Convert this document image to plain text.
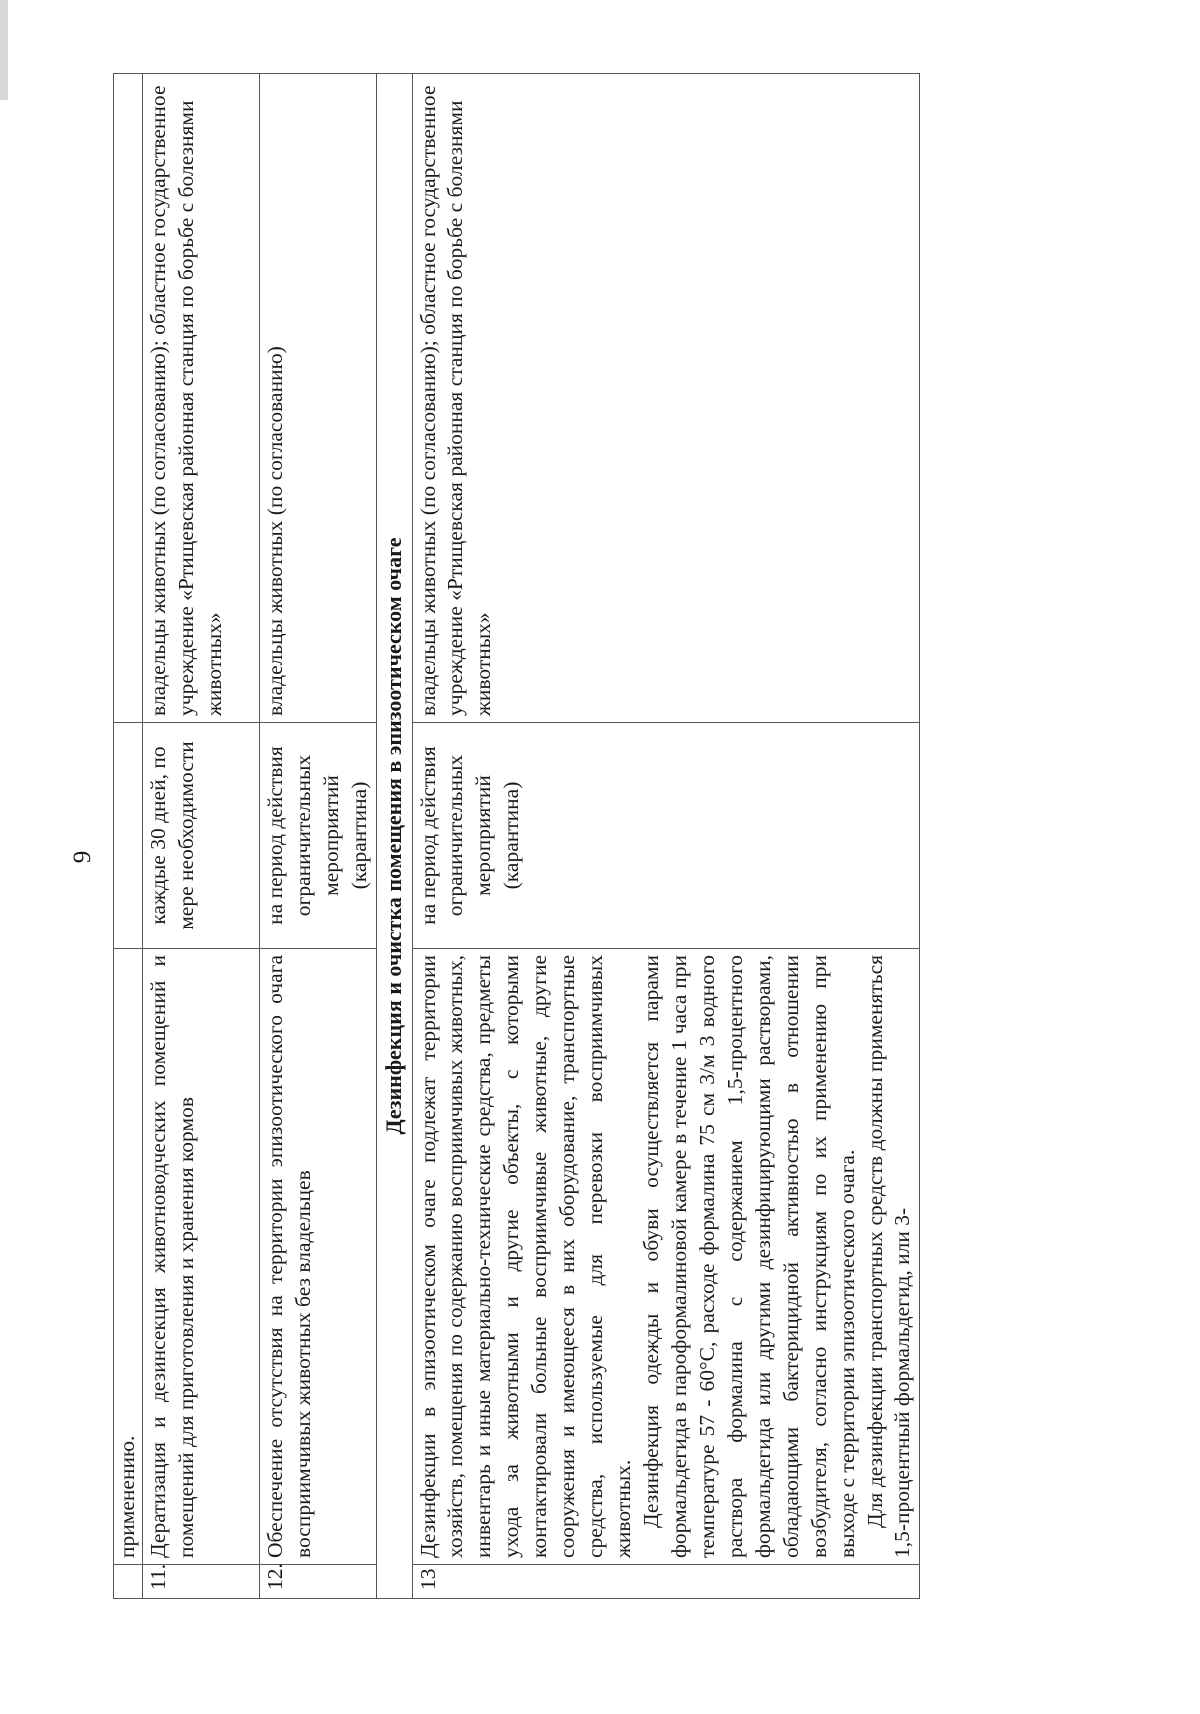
9
	применению.		
11.	Дератизация и дезинсекция животноводческих помещений и помещений для приготовления и хранения кормов	каждые 30 дней, по мере необходимости	владельцы животных (по согласованию); областное государственное учреждение «Ртищевская районная станция по борьбе с болезнями животных»
12.	Обеспечение отсутствия на территории эпизоотического очага восприимчивых животных без владельцев	на период действия ограничительных мероприятий (карантина)	владельцы животных (по согласованию)
Дезинфекция и очистка помещения в эпизоотическом очаге			
13	Дезинфекции в эпизоотическом очаге подлежат территории хозяйств, помещения по содержанию восприимчивых животных, инвентарь и иные материально-технические средства, предметы ухода за животными и другие объекты, с которыми контактировали больные восприимчивые животные, другие сооружения и имеющееся в них оборудование, транспортные средства, используемые для перевозки восприимчивых животных. Дезинфекция одежды и обуви осуществляется парами формальдегида в пароформалиновой камере в течение 1 часа при температуре 57 - 60°С, расходе формалина 75 см 3/м 3 водного раствора формалина с содержанием 1,5-процентного формальдегида или другими дезинфицирующими растворами, обладающими бактерицидной активностью в отношении возбудителя, согласно инструкциям по их применению при выходе с территории эпизоотического очага. Для дезинфекции транспортных средств должны применяться 1,5-процентный формальдегид, или 3-	на период действия ограничительных мероприятий (карантина)	владельцы животных (по согласованию); областное государственное учреждение «Ртищевская районная станция по борьбе с болезнями животных»
